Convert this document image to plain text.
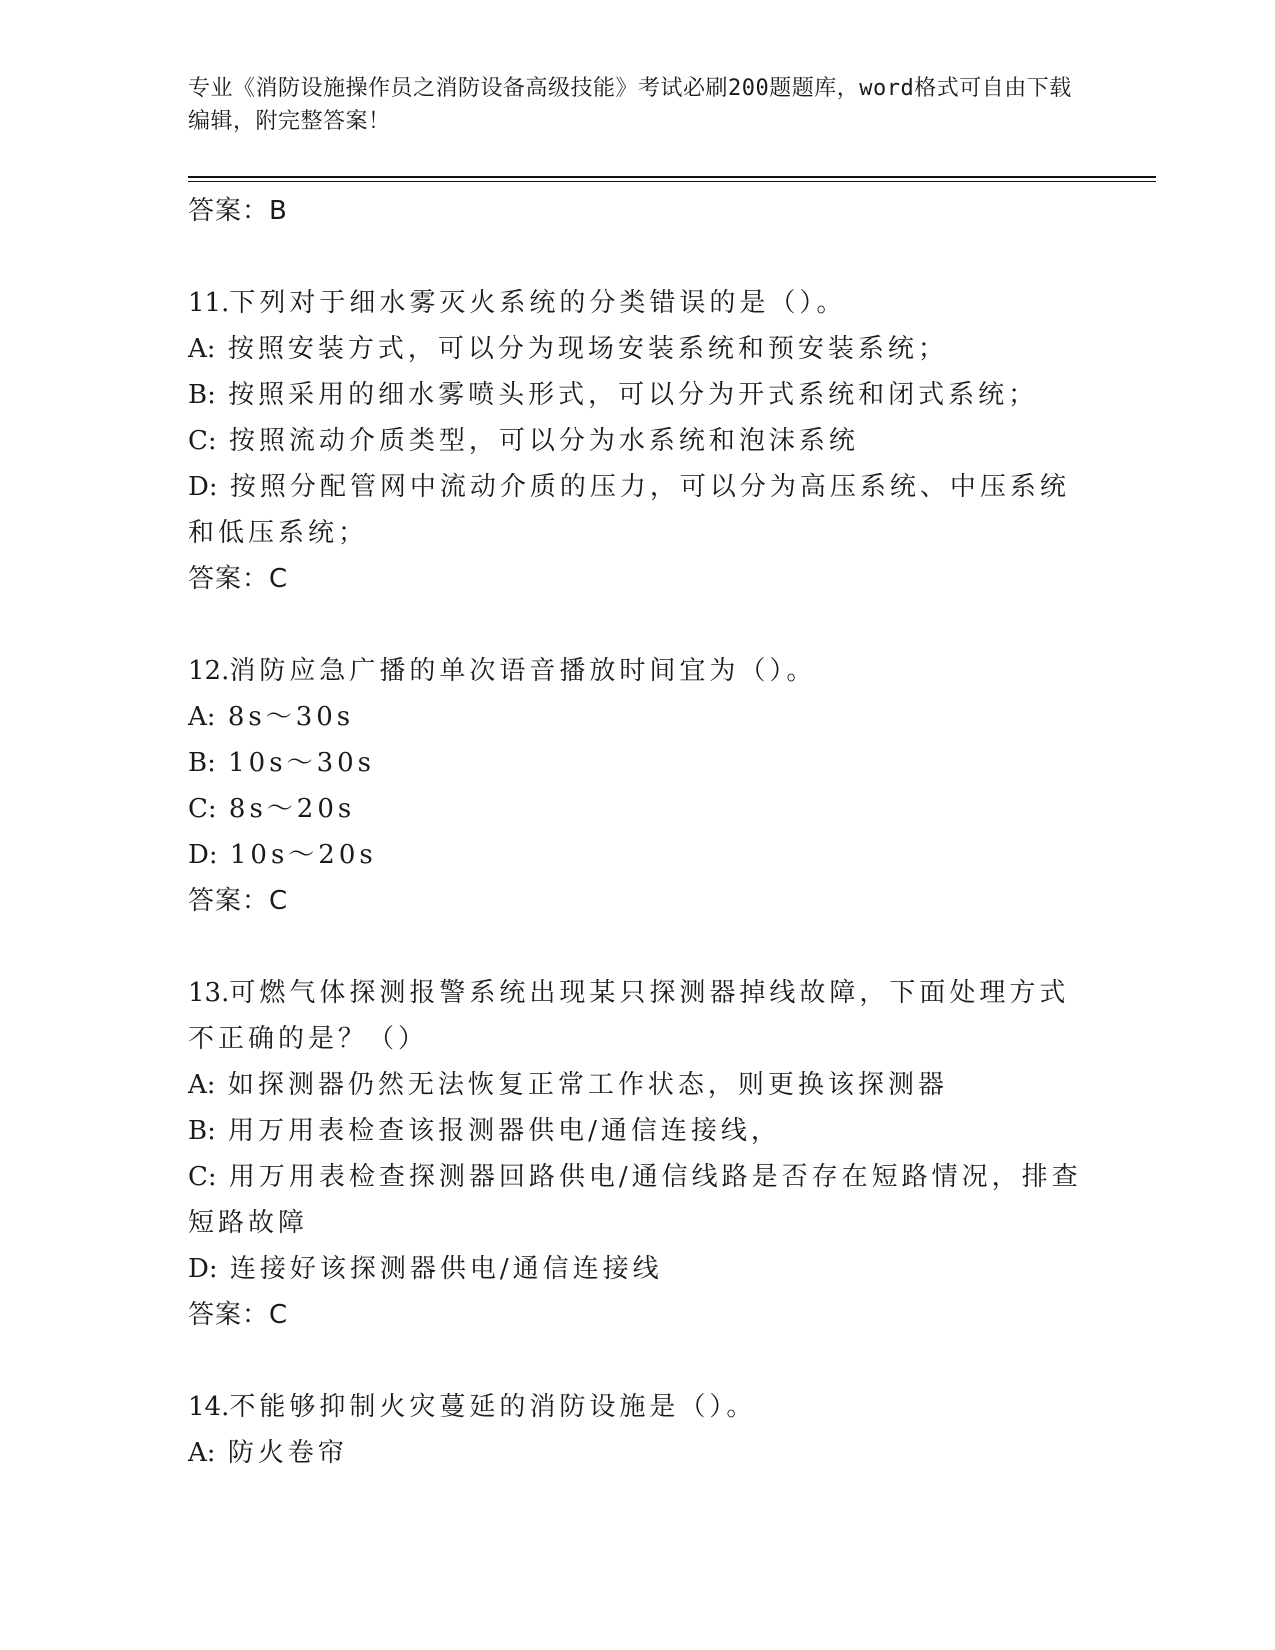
专业《消防设施操作员之消防设备高级技能》考试必刷200题题库，word格式可自由下载编辑，附完整答案！
答案：B

11.下列对于细水雾灭火系统的分类错误的是（）。

A: 按照安装方式，可以分为现场安装系统和预安装系统；

B: 按照采用的细水雾喷头形式，可以分为开式系统和闭式系统；

C: 按照流动介质类型，可以分为水系统和泡沫系统

D: 按照分配管网中流动介质的压力，可以分为高压系统、中压系统和低压系统；

答案：C

12.消防应急广播的单次语音播放时间宜为（）。

A: 8s～30s

B: 10s～30s

C: 8s～20s

D: 10s～20s

答案：C

13.可燃气体探测报警系统出现某只探测器掉线故障，下面处理方式不正确的是？（）

A: 如探测器仍然无法恢复正常工作状态，则更换该探测器

B: 用万用表检查该报测器供电/通信连接线，

C: 用万用表检查探测器回路供电/通信线路是否存在短路情况，排查短路故障

D: 连接好该探测器供电/通信连接线

答案：C

14.不能够抑制火灾蔓延的消防设施是（）。

A: 防火卷帘
